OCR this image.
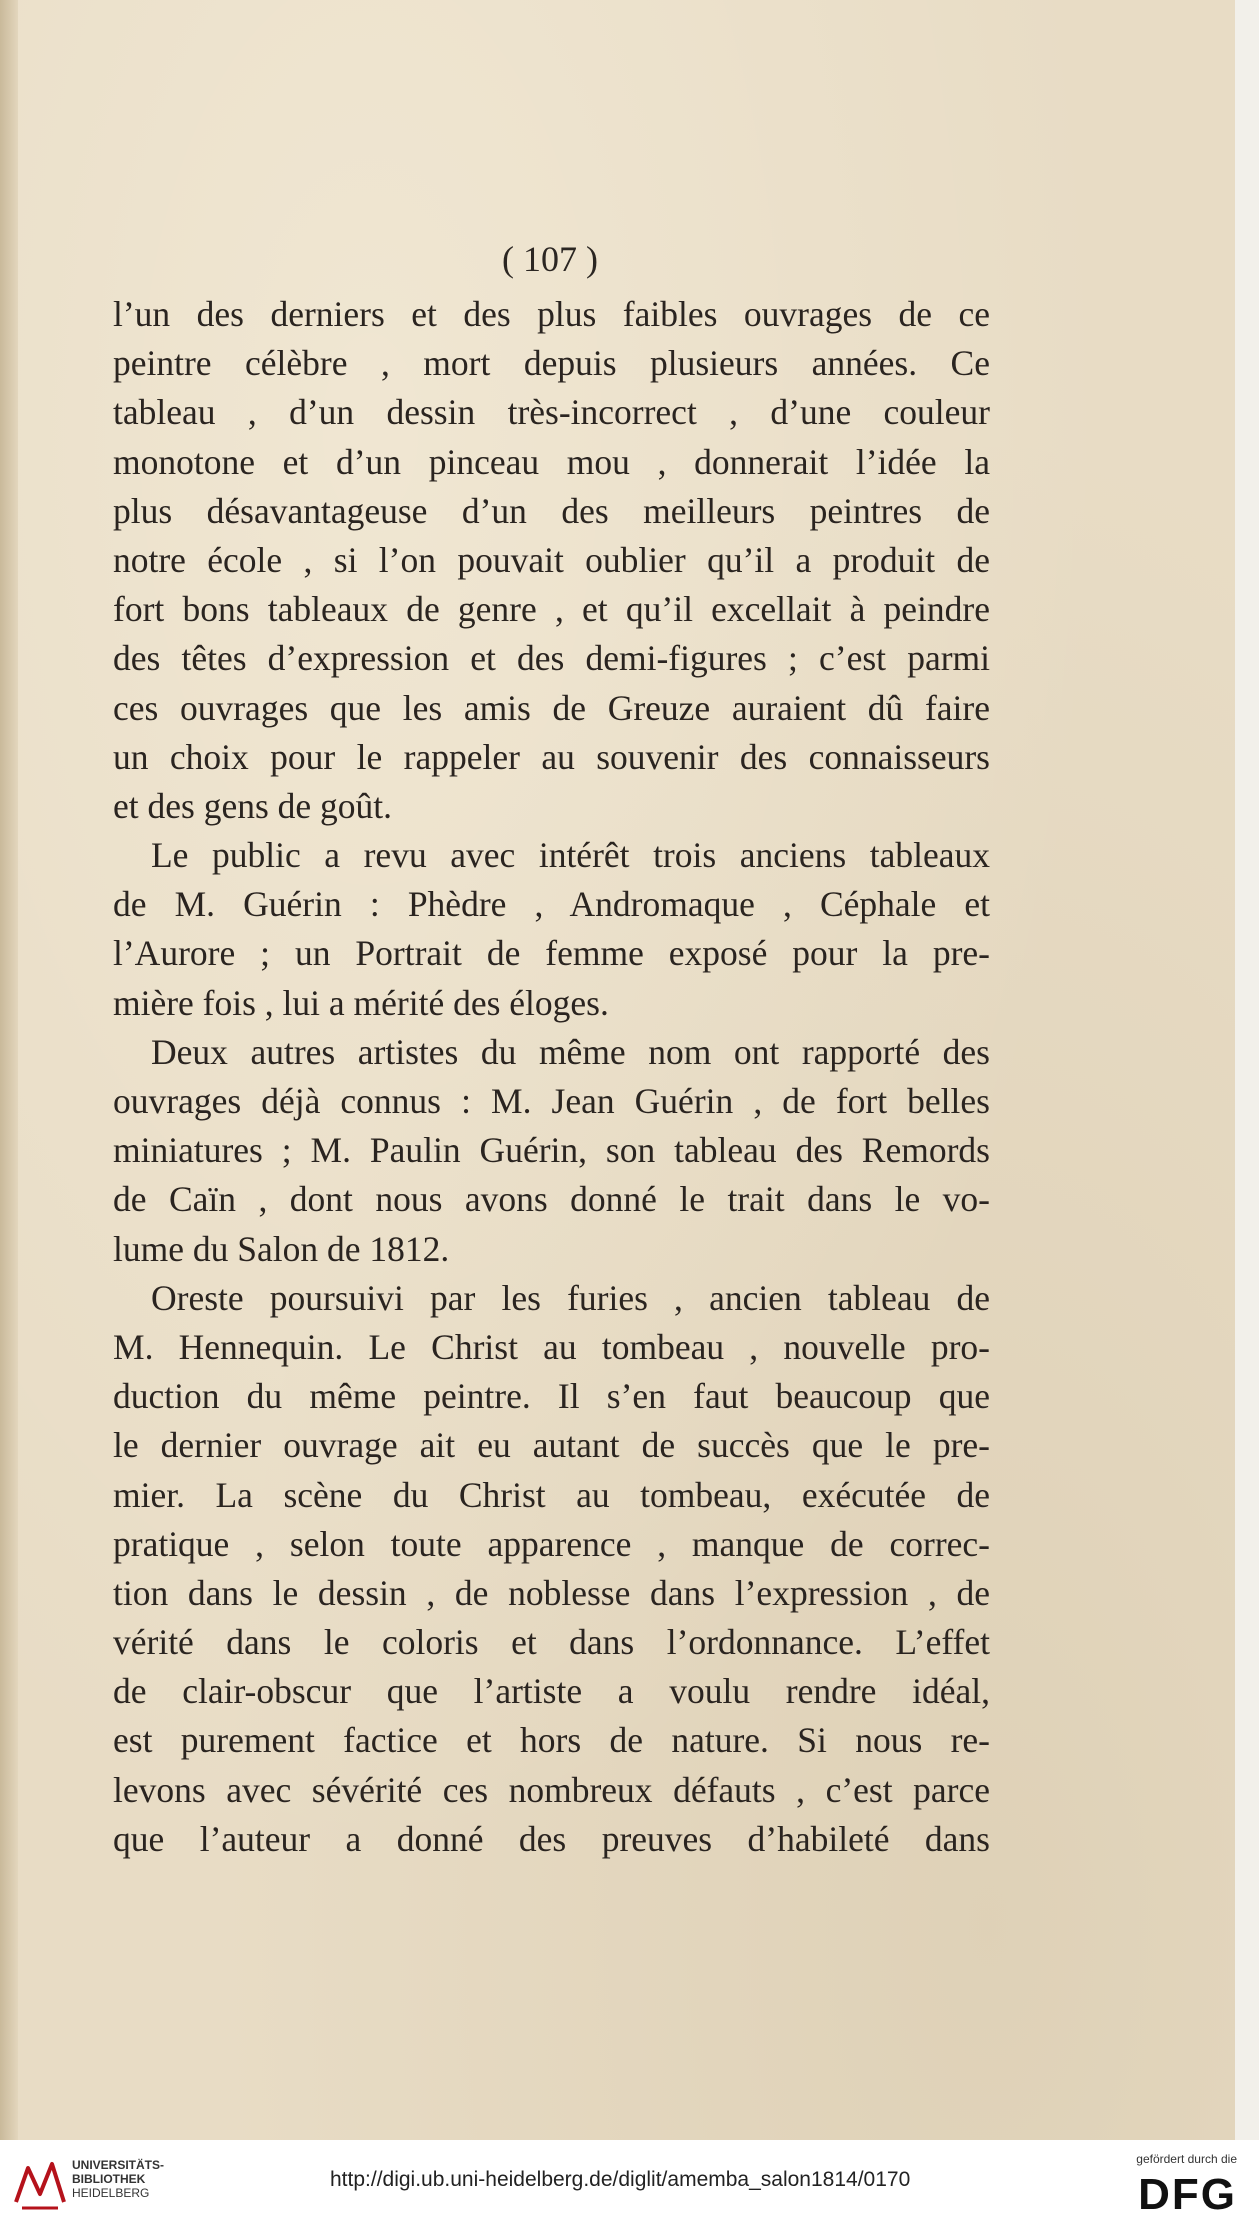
( 107 )
l’un des derniers et des plus faibles ouvrages de ce
peintre célèbre , mort depuis plusieurs années. Ce
tableau , d’un dessin très-incorrect , d’une couleur
monotone et d’un pinceau mou , donnerait l’idée la
plus désavantageuse d’un des meilleurs peintres de
notre école , si l’on pouvait oublier qu’il a produit de
fort bons tableaux de genre , et qu’il excellait à peindre
des têtes d’expression et des demi-figures ; c’est parmi
ces ouvrages que les amis de Greuze auraient dû faire
un choix pour le rappeler au souvenir des connaisseurs
et des gens de goût.
Le public a revu avec intérêt trois anciens tableaux
de M. Guérin : Phèdre , Andromaque , Céphale et
l’Aurore ; un Portrait de femme exposé pour la pre-
mière fois , lui a mérité des éloges.
Deux autres artistes du même nom ont rapporté des
ouvrages déjà connus : M. Jean Guérin , de fort belles
miniatures ; M. Paulin Guérin, son tableau des Remords
de Caïn , dont nous avons donné le trait dans le vo-
lume du Salon de 1812.
Oreste poursuivi par les furies , ancien tableau de
M. Hennequin. Le Christ au tombeau , nouvelle pro-
duction du même peintre. Il s’en faut beaucoup que
le dernier ouvrage ait eu autant de succès que le pre-
mier. La scène du Christ au tombeau, exécutée de
pratique , selon toute apparence , manque de correc-
tion dans le dessin , de noblesse dans l’expression , de
vérité dans le coloris et dans l’ordonnance. L’effet
de clair-obscur que l’artiste a voulu rendre idéal,
est purement factice et hors de nature. Si nous re-
levons avec sévérité ces nombreux défauts , c’est parce
que l’auteur a donné des preuves d’habileté dans
UNIVERSITÄTS-
BIBLIOTHEK
HEIDELBERG
http://digi.ub.uni-heidelberg.de/diglit/amemba_salon1814/0170
gefördert durch die
DFG
